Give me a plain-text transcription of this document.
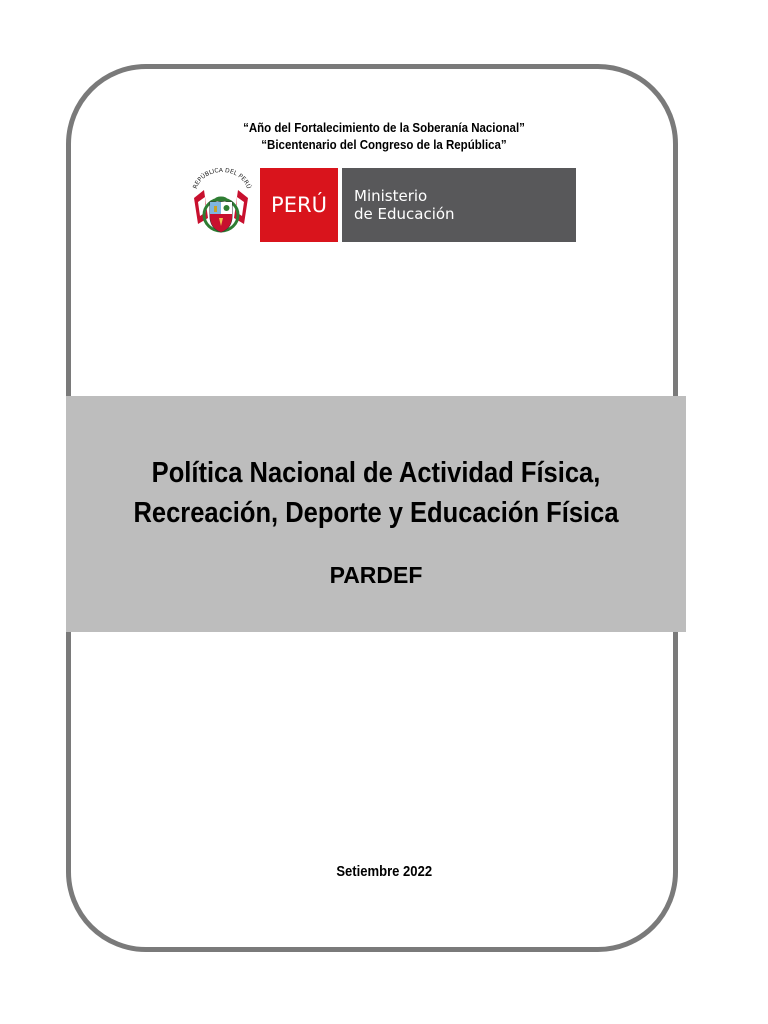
“Año del Fortalecimiento de la Soberanía Nacional”
“Bicentenario del Congreso de la República”
REPÚBLICA DEL PERÚ
PERÚ	Ministerio
de Educación
Política Nacional de Actividad Física,
Recreación, Deporte y Educación Física
PARDEF
Setiembre 2022
